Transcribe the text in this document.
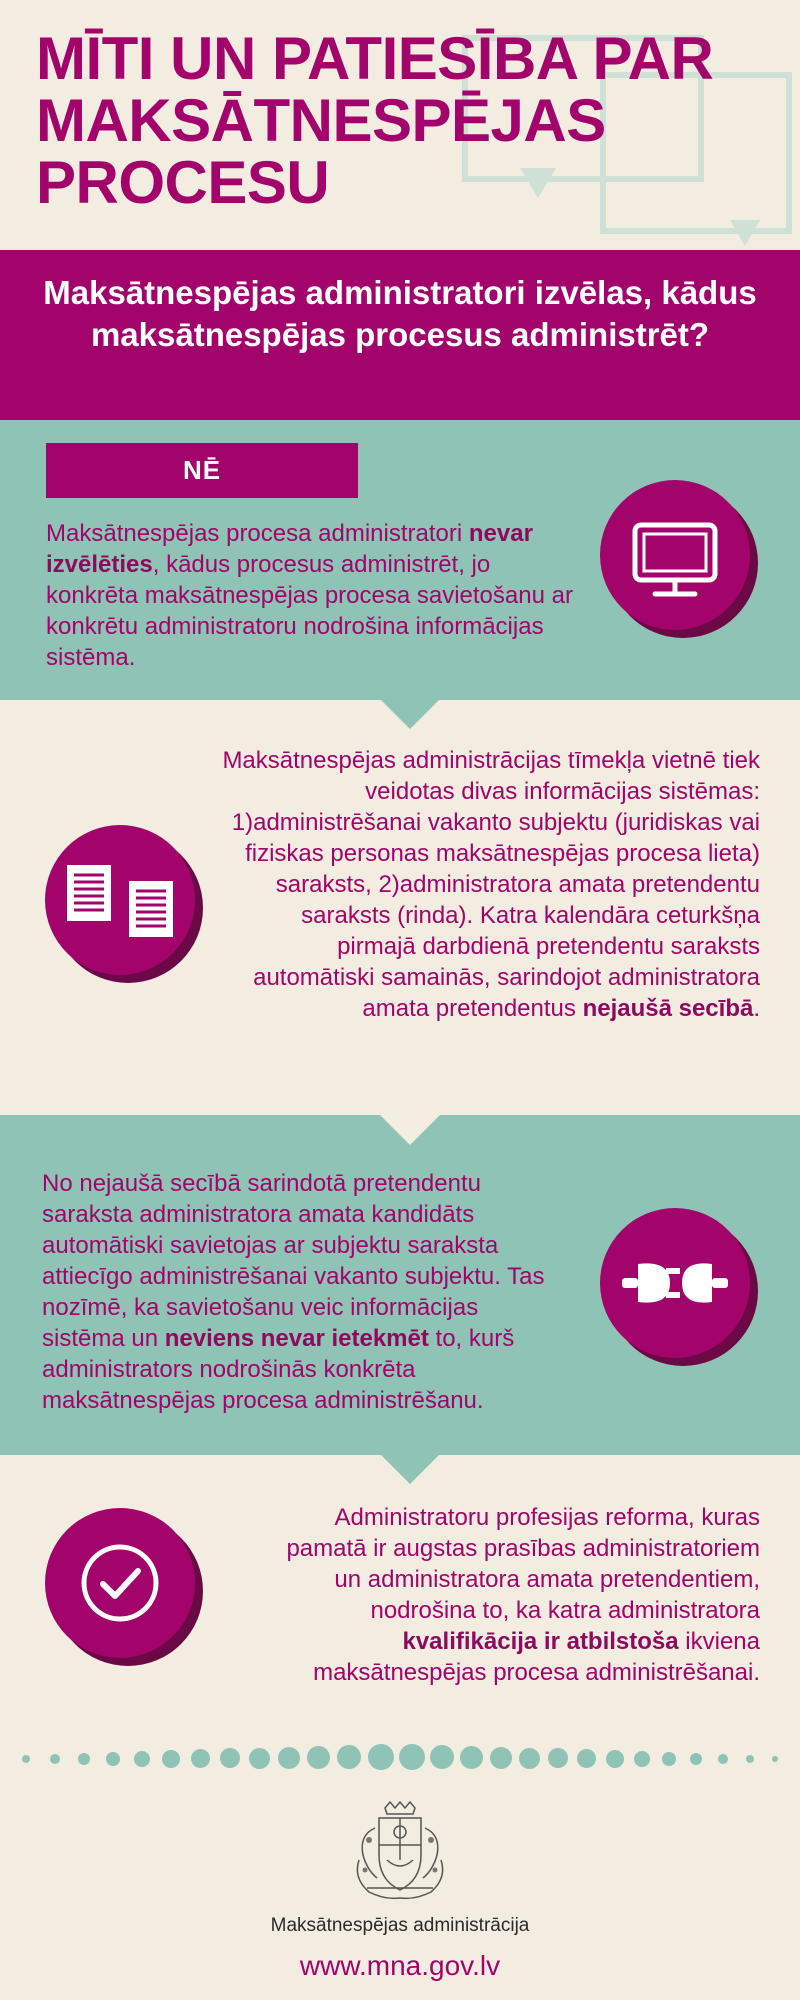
MĪTI UN PATIESĪBA PAR MAKSĀTNESPĒJAS PROCESU

Maksātnespējas administratori izvēlas, kādus maksātnespējas procesus administrēt?

NĒ

Maksātnespējas procesa administratori nevar izvēlēties, kādus procesus administrēt, jo konkrēta maksātnespējas procesa savietošanu ar konkrētu administratoru nodrošina informācijas sistēma.

Maksātnespējas administrācijas tīmekļa vietnē tiek veidotas divas informācijas sistēmas: 1)administrēšanai vakanto subjektu (juridiskas vai fiziskas personas maksātnespējas procesa lieta) saraksts, 2)administratora amata pretendentu saraksts (rinda). Katra kalendāra ceturkšņa pirmajā darbdienā pretendentu saraksts automātiski samainās, sarindojot administratora amata pretendentus nejaušā secībā.

No nejaušā secībā sarindotā pretendentu saraksta administratora amata kandidāts automātiski savietojas ar subjektu saraksta attiecīgo administrēšanai vakanto subjektu. Tas nozīmē, ka savietošanu veic informācijas sistēma un neviens nevar ietekmēt to, kurš administrators nodrošinās konkrēta maksātnespējas procesa administrēšanu.

Administratoru profesijas reforma, kuras pamatā ir augstas prasības administratoriem un administratora amata pretendentiem, nodrošina to, ka katra administratora kvalifikācija ir atbilstoša ikviena maksātnespējas procesa administrēšanai.

Maksātnespējas administrācija
www.mna.gov.lv
